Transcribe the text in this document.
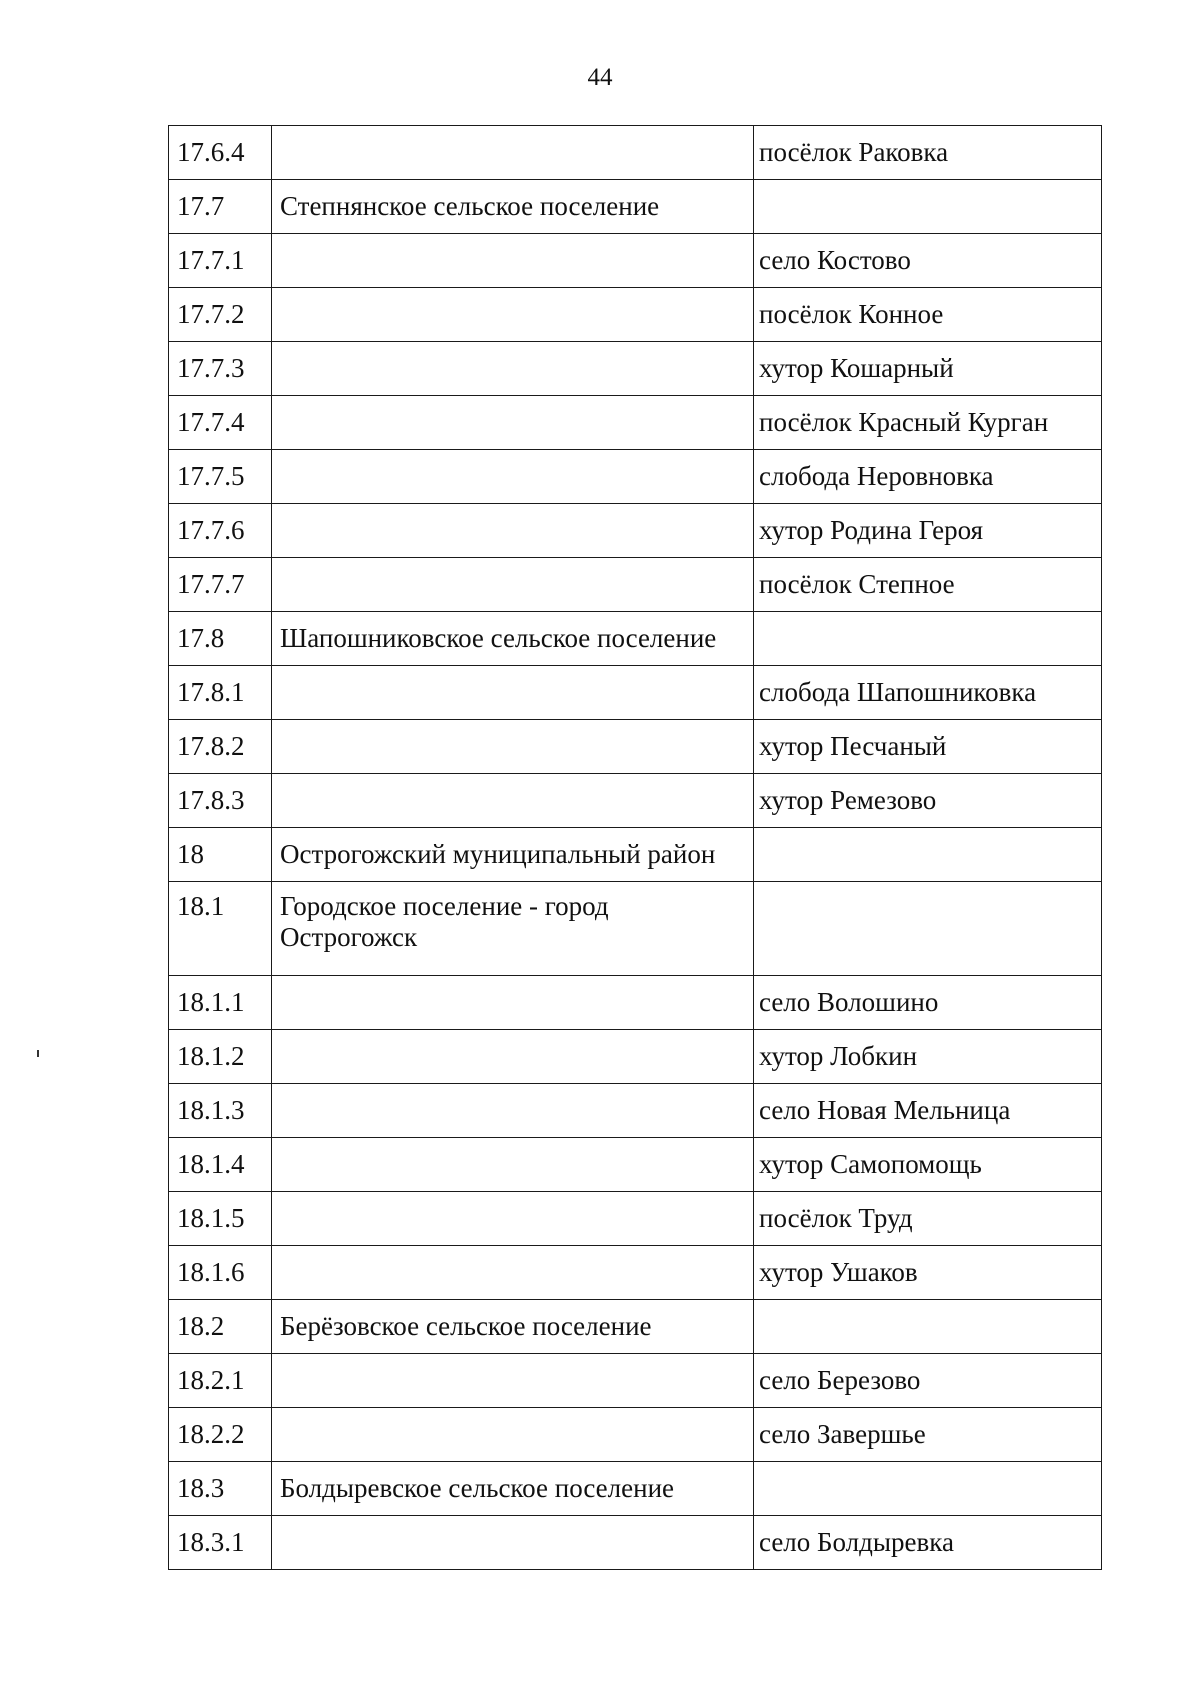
44
17.6.4		посёлок Раковка
17.7	Степнянское сельское поселение	
17.7.1		село Костово
17.7.2		посёлок Конное
17.7.3		хутор Кошарный
17.7.4		посёлок Красный Курган
17.7.5		слобода Неровновка
17.7.6		хутор Родина Героя
17.7.7		посёлок Степное
17.8	Шапошниковское сельское поселение	
17.8.1		слобода Шапошниковка
17.8.2		хутор Песчаный
17.8.3		хутор Ремезово
18	Острогожский муниципальный район	
18.1	Городское поселение - город Острогожск	
18.1.1		село Волошино
18.1.2		хутор Лобкин
18.1.3		село Новая Мельница
18.1.4		хутор Самопомощь
18.1.5		посёлок Труд
18.1.6		хутор Ушаков
18.2	Берёзовское сельское поселение	
18.2.1		село Березово
18.2.2		село Завершье
18.3	Болдыревское сельское поселение	
18.3.1		село Болдыревка
